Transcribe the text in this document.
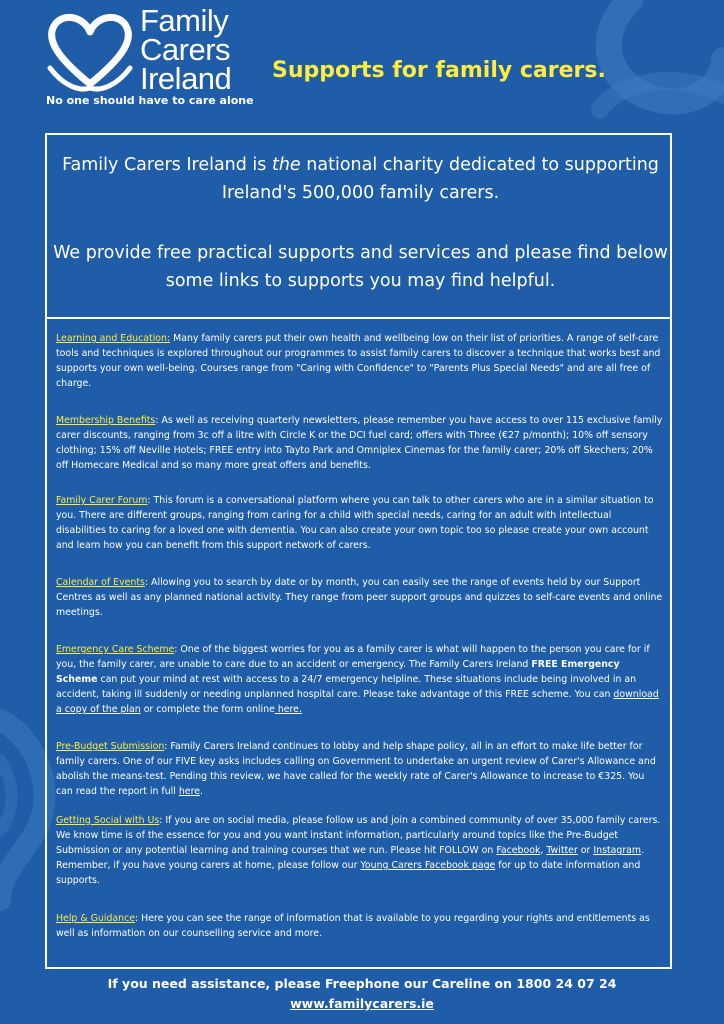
Family
Carers
Ireland
No one should have to care alone
Supports for family carers.
Family Carers Ireland is the national charity dedicated to supporting Ireland's 500,000 family carers.
We provide free practical supports and services and please find below some links to supports you may find helpful.
Learning and Education: Many family carers put their own health and wellbeing low on their list of priorities. A range of self-care tools and techniques is explored throughout our programmes to assist family carers to discover a technique that works best and supports your own well-being. Courses range from "Caring with Confidence" to "Parents Plus Special Needs" and are all free of charge.
Membership Benefits: As well as receiving quarterly newsletters, please remember you have access to over 115 exclusive family carer discounts, ranging from 3c off a litre with Circle K or the DCI fuel card; offers with Three (€27 p/month); 10% off sensory clothing; 15% off Neville Hotels; FREE entry into Tayto Park and Omniplex Cinemas for the family carer; 20% off Skechers; 20% off Homecare Medical and so many more great offers and benefits.
Family Carer Forum: This forum is a conversational platform where you can talk to other carers who are in a similar situation to you. There are different groups, ranging from caring for a child with special needs, caring for an adult with intellectual disabilities to caring for a loved one with dementia. You can also create your own topic too so please create your own account and learn how you can benefit from this support network of carers.
Calendar of Events: Allowing you to search by date or by month, you can easily see the range of events held by our Support Centres as well as any planned national activity. They range from peer support groups and quizzes to self-care events and online meetings.
Emergency Care Scheme: One of the biggest worries for you as a family carer is what will happen to the person you care for if you, the family carer, are unable to care due to an accident or emergency. The Family Carers Ireland FREE Emergency Scheme can put your mind at rest with access to a 24/7 emergency helpline. These situations include being involved in an accident, taking ill suddenly or needing unplanned hospital care. Please take advantage of this FREE scheme. You can download a copy of the plan or complete the form online here.
Pre-Budget Submission: Family Carers Ireland continues to lobby and help shape policy, all in an effort to make life better for family carers. One of our FIVE key asks includes calling on Government to undertake an urgent review of Carer's Allowance and abolish the means-test. Pending this review, we have called for the weekly rate of Carer's Allowance to increase to €325. You can read the report in full here.
Getting Social with Us: If you are on social media, please follow us and join a combined community of over 35,000 family carers. We know time is of the essence for you and you want instant information, particularly around topics like the Pre-Budget Submission or any potential learning and training courses that we run. Please hit FOLLOW on Facebook, Twitter or Instagram. Remember, if you have young carers at home, please follow our Young Carers Facebook page for up to date information and supports.
Help & Guidance: Here you can see the range of information that is available to you regarding your rights and entitlements as well as information on our counselling service and more.
If you need assistance, please Freephone our Careline on 1800 24 07 24
www.familycarers.ie
